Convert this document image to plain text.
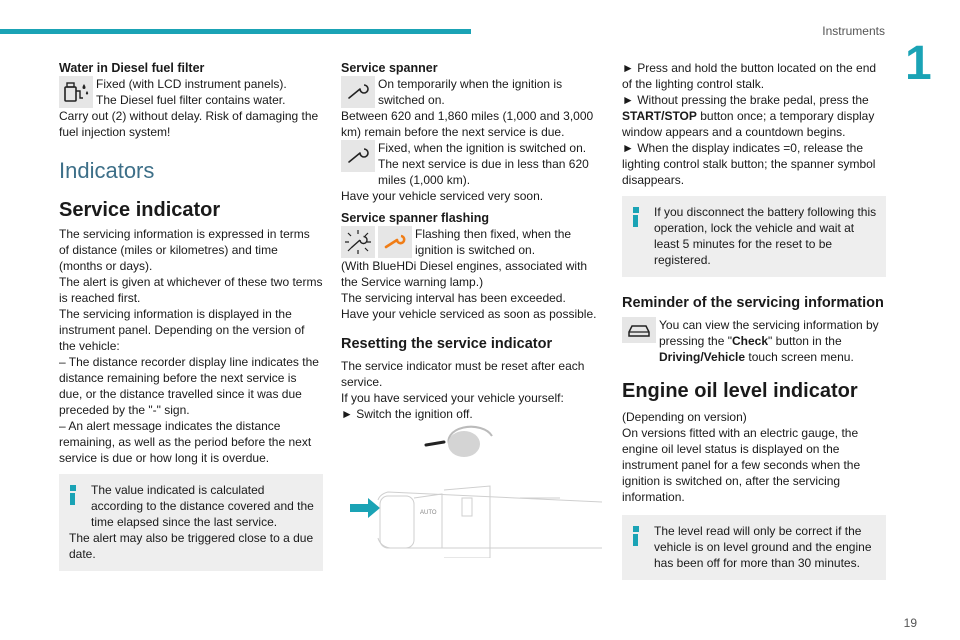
Instruments
1
19

Water in Diesel fuel filter

Fixed (with LCD instrument panels).

The Diesel fuel filter contains water.

Carry out (2) without delay. Risk of damaging the fuel injection system!

Indicators

Service indicator

The servicing information is expressed in terms of distance (miles or kilometres) and time (months or days).

The alert is given at whichever of these two terms is reached first.

The servicing information is displayed in the instrument panel. Depending on the version of the vehicle:

– The distance recorder display line indicates the distance remaining before the next service is due, or the distance travelled since it was due preceded by the "-" sign.

– An alert message indicates the distance remaining, as well as the period before the next service is due or how long it is overdue.

The value indicated is calculated according to the distance covered and the time elapsed since the last service.

The alert may also be triggered close to a due date.

Service spanner

On temporarily when the ignition is switched on.

Between 620 and 1,860 miles (1,000 and 3,000 km) remain before the next service is due.

Fixed, when the ignition is switched on. The next service is due in less than 620 miles (1,000 km).

Have your vehicle serviced very soon.

Service spanner flashing

Flashing then fixed, when the ignition is switched on.

(With BlueHDi Diesel engines, associated with the Service warning lamp.)

The servicing interval has been exceeded.

Have your vehicle serviced as soon as possible.

Resetting the service indicator

The service indicator must be reset after each service.

If you have serviced your vehicle yourself:

► Switch the ignition off.

AUTO

► Press and hold the button located on the end of the lighting control stalk.

► Without pressing the brake pedal, press the START/STOP button once; a temporary display window appears and a countdown begins.

► When the display indicates =0, release the lighting control stalk button; the spanner symbol disappears.

If you disconnect the battery following this operation, lock the vehicle and wait at least 5 minutes for the reset to be registered.

Reminder of the servicing information

You can view the servicing information by pressing the "Check" button in the Driving/Vehicle touch screen menu.

Engine oil level indicator

(Depending on version)

On versions fitted with an electric gauge, the engine oil level status is displayed on the instrument panel for a few seconds when the ignition is switched on, after the servicing information.

The level read will only be correct if the vehicle is on level ground and the engine has been off for more than 30 minutes.
